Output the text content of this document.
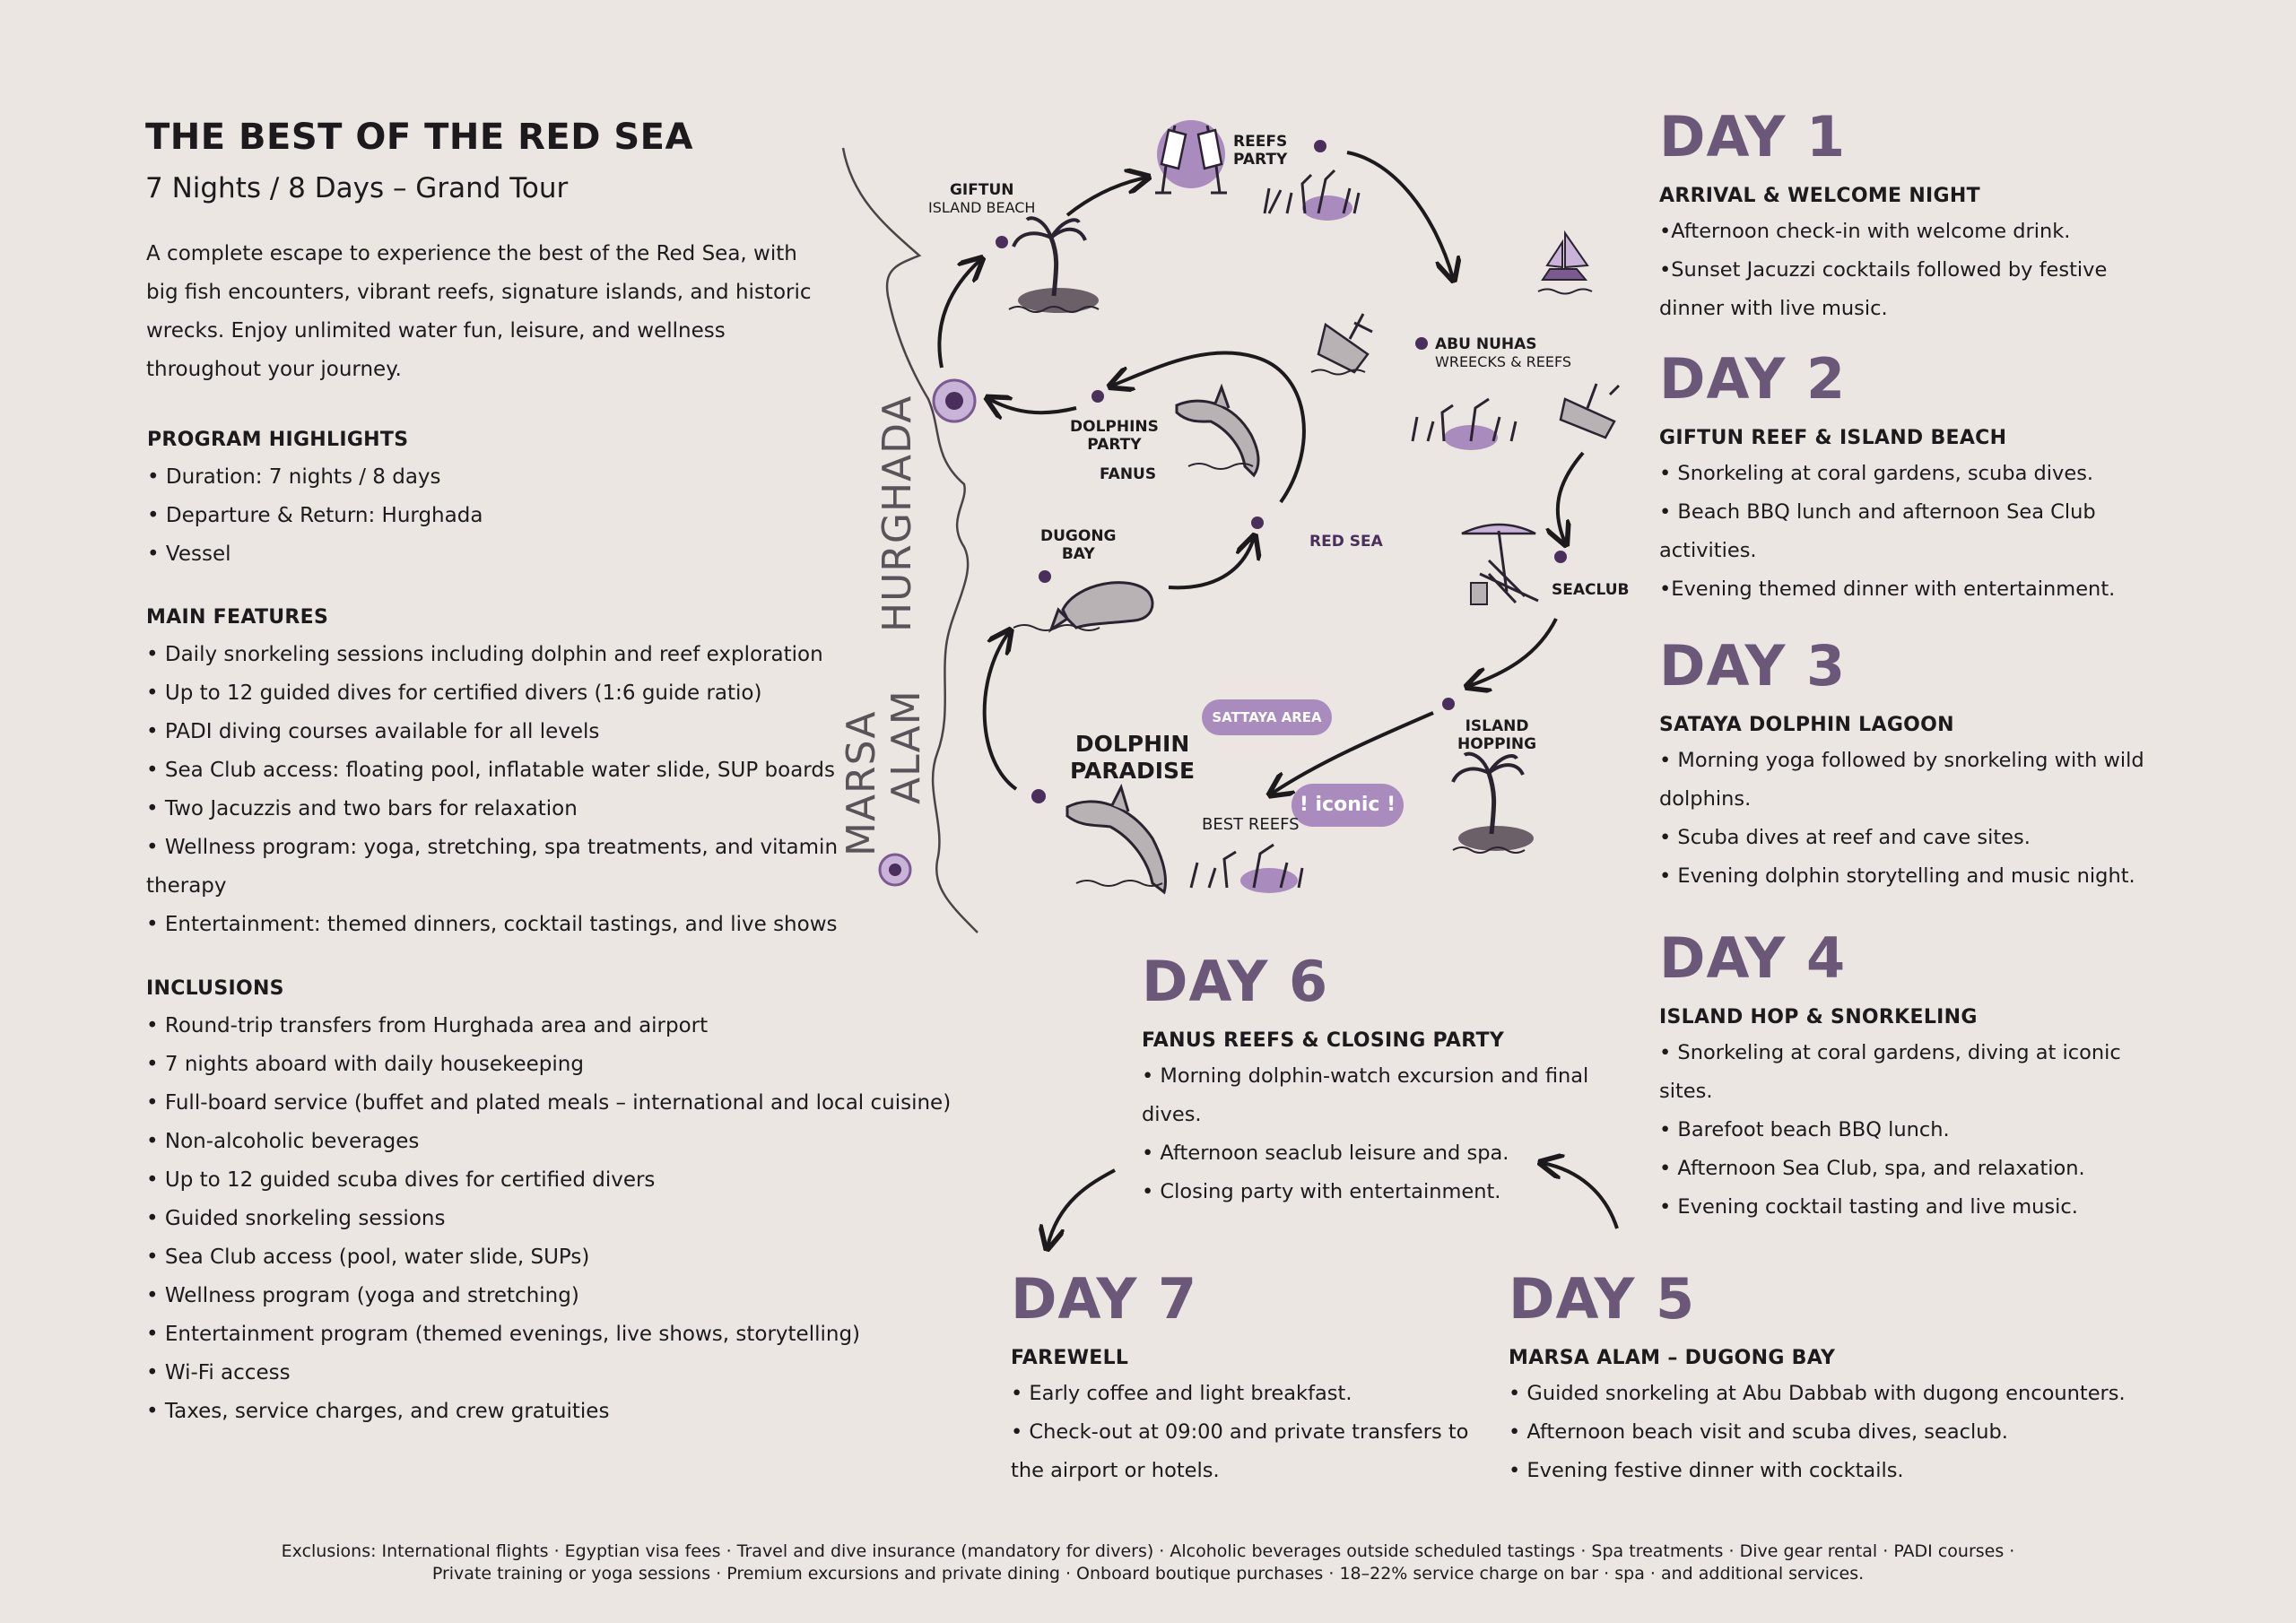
THE BEST OF THE RED SEA
7 Nights / 8 Days – Grand Tour
A complete escape to experience the best of the Red Sea, with big fish encounters, vibrant reefs, signature islands, and historic wrecks. Enjoy unlimited water fun, leisure, and wellness throughout your journey.
PROGRAM HIGHLIGHTS
• Duration: 7 nights / 8 days
• Departure & Return: Hurghada
• Vessel
MAIN FEATURES
• Daily snorkeling sessions including dolphin and reef exploration
• Up to 12 guided dives for certified divers (1:6 guide ratio)
• PADI diving courses available for all levels
• Sea Club access: floating pool, inflatable water slide, SUP boards
• Two Jacuzzis and two bars for relaxation
• Wellness program: yoga, stretching, spa treatments, and vitamin therapy
• Entertainment: themed dinners, cocktail tastings, and live shows
INCLUSIONS
• Round-trip transfers from Hurghada area and airport
• 7 nights aboard with daily housekeeping
• Full-board service (buffet and plated meals – international and local cuisine)
• Non-alcoholic beverages
• Up to 12 guided scuba dives for certified divers
• Guided snorkeling sessions
• Sea Club access (pool, water slide, SUPs)
• Wellness program (yoga and stretching)
• Entertainment program (themed evenings, live shows, storytelling)
• Wi-Fi access
• Taxes, service charges, and crew gratuities
GIFTUN
ISLAND BEACH
REEFS
PARTY
ABU NUHAS
WREECKS & REEFS
DOLPHINS
PARTY
FANUS
DUGONG
BAY
RED SEA
SEACLUB
ISLAND
HOPPING
SATTAYA AREA
! iconic !
DOLPHIN
PARADISE
BEST REEFS
HURGHADA
MARSA ALAM
DAY 1
ARRIVAL & WELCOME NIGHT
•Afternoon check-in with welcome drink.
•Sunset Jacuzzi cocktails followed by festive dinner with live music.
DAY 2
GIFTUN REEF & ISLAND BEACH
• Snorkeling at coral gardens, scuba dives.
• Beach BBQ lunch and afternoon Sea Club activities.
•Evening themed dinner with entertainment.
DAY 3
SATAYA DOLPHIN LAGOON
• Morning yoga followed by snorkeling with wild dolphins.
• Scuba dives at reef and cave sites.
• Evening dolphin storytelling and music night.
DAY 4
ISLAND HOP & SNORKELING
• Snorkeling at coral gardens, diving at iconic sites.
• Barefoot beach BBQ lunch.
• Afternoon Sea Club, spa, and relaxation.
• Evening cocktail tasting and live music.
DAY 5
MARSA ALAM – DUGONG BAY
• Guided snorkeling at Abu Dabbab with dugong encounters.
• Afternoon beach visit and scuba dives, seaclub.
• Evening festive dinner with cocktails.
DAY 6
FANUS REEFS & CLOSING PARTY
• Morning dolphin-watch excursion and final dives.
• Afternoon seaclub leisure and spa.
• Closing party with entertainment.
DAY 7
FAREWELL
• Early coffee and light breakfast.
• Check-out at 09:00 and private transfers to the airport or hotels.
Exclusions: International flights · Egyptian visa fees · Travel and dive insurance (mandatory for divers) · Alcoholic beverages outside scheduled tastings · Spa treatments · Dive gear rental · PADI courses ·
Private training or yoga sessions · Premium excursions and private dining · Onboard boutique purchases · 18–22% service charge on bar · spa · and additional services.
